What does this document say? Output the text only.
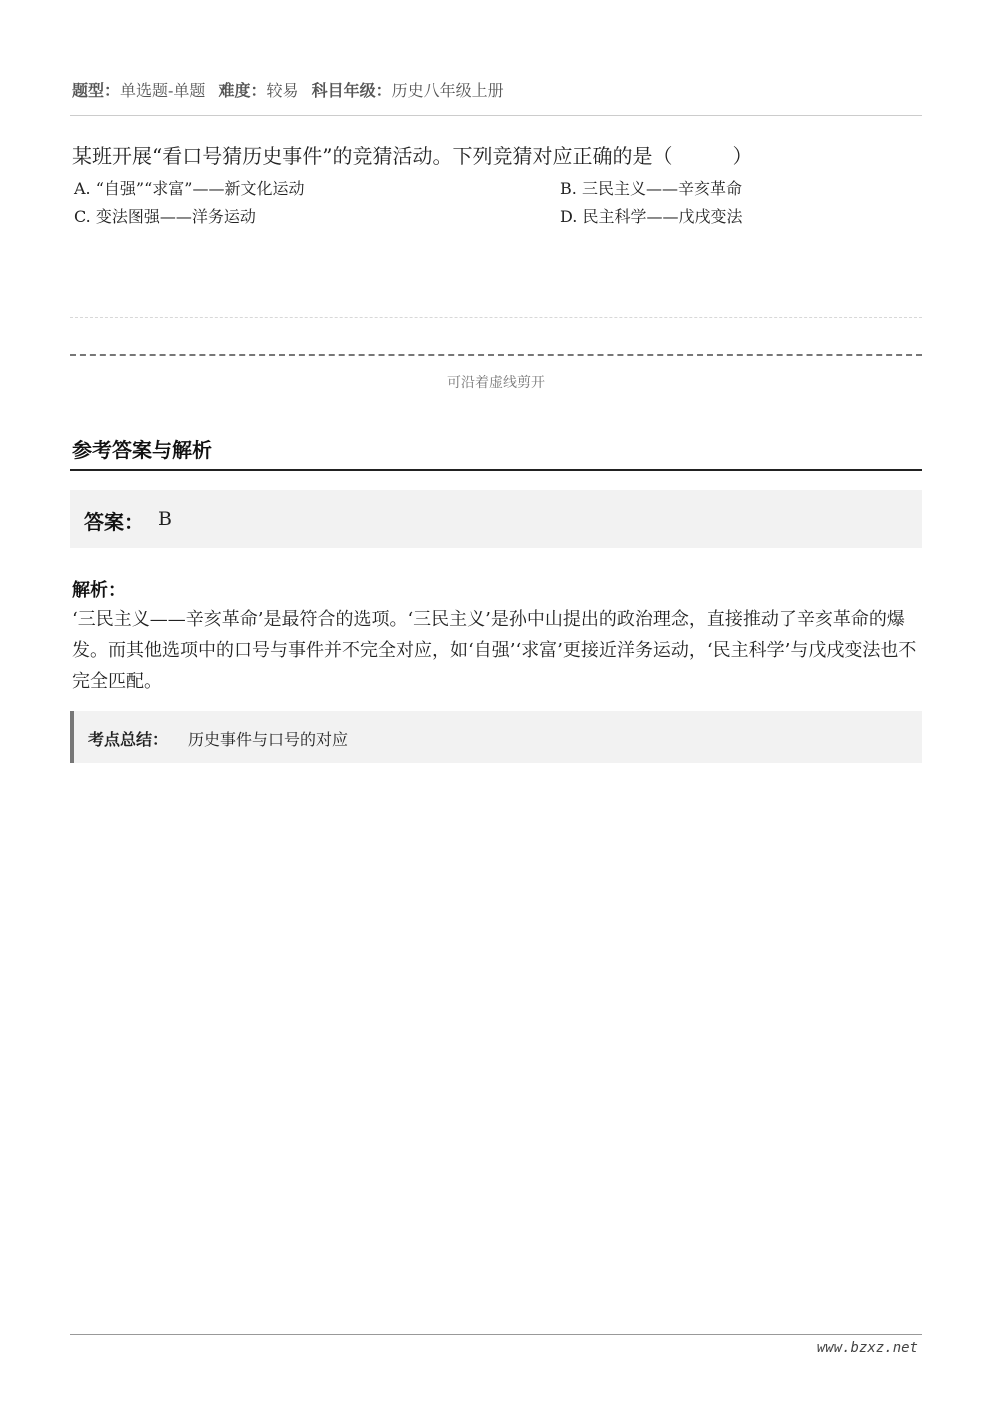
题型：单选题-单题 难度：较易 科目年级：历史八年级上册
某班开展“看口号猜历史事件”的竞猜活动。下列竞猜对应正确的是（　　　）
A. “自强”“求富”——新文化运动	B. 三民主义——辛亥革命
C. 变法图强——洋务运动	D. 民主科学——戊戌变法
可沿着虚线剪开
参考答案与解析
答案： B
解析：
‘三民主义——辛亥革命’是最符合的选项。‘三民主义’是孙中山提出的政治理念，直接推动了辛亥革命的爆发。而其他选项中的口号与事件并不完全对应，如‘自强’‘求富’更接近洋务运动，‘民主科学’与戊戌变法也不完全匹配。
考点总结： 历史事件与口号的对应
www.bzxz.net
